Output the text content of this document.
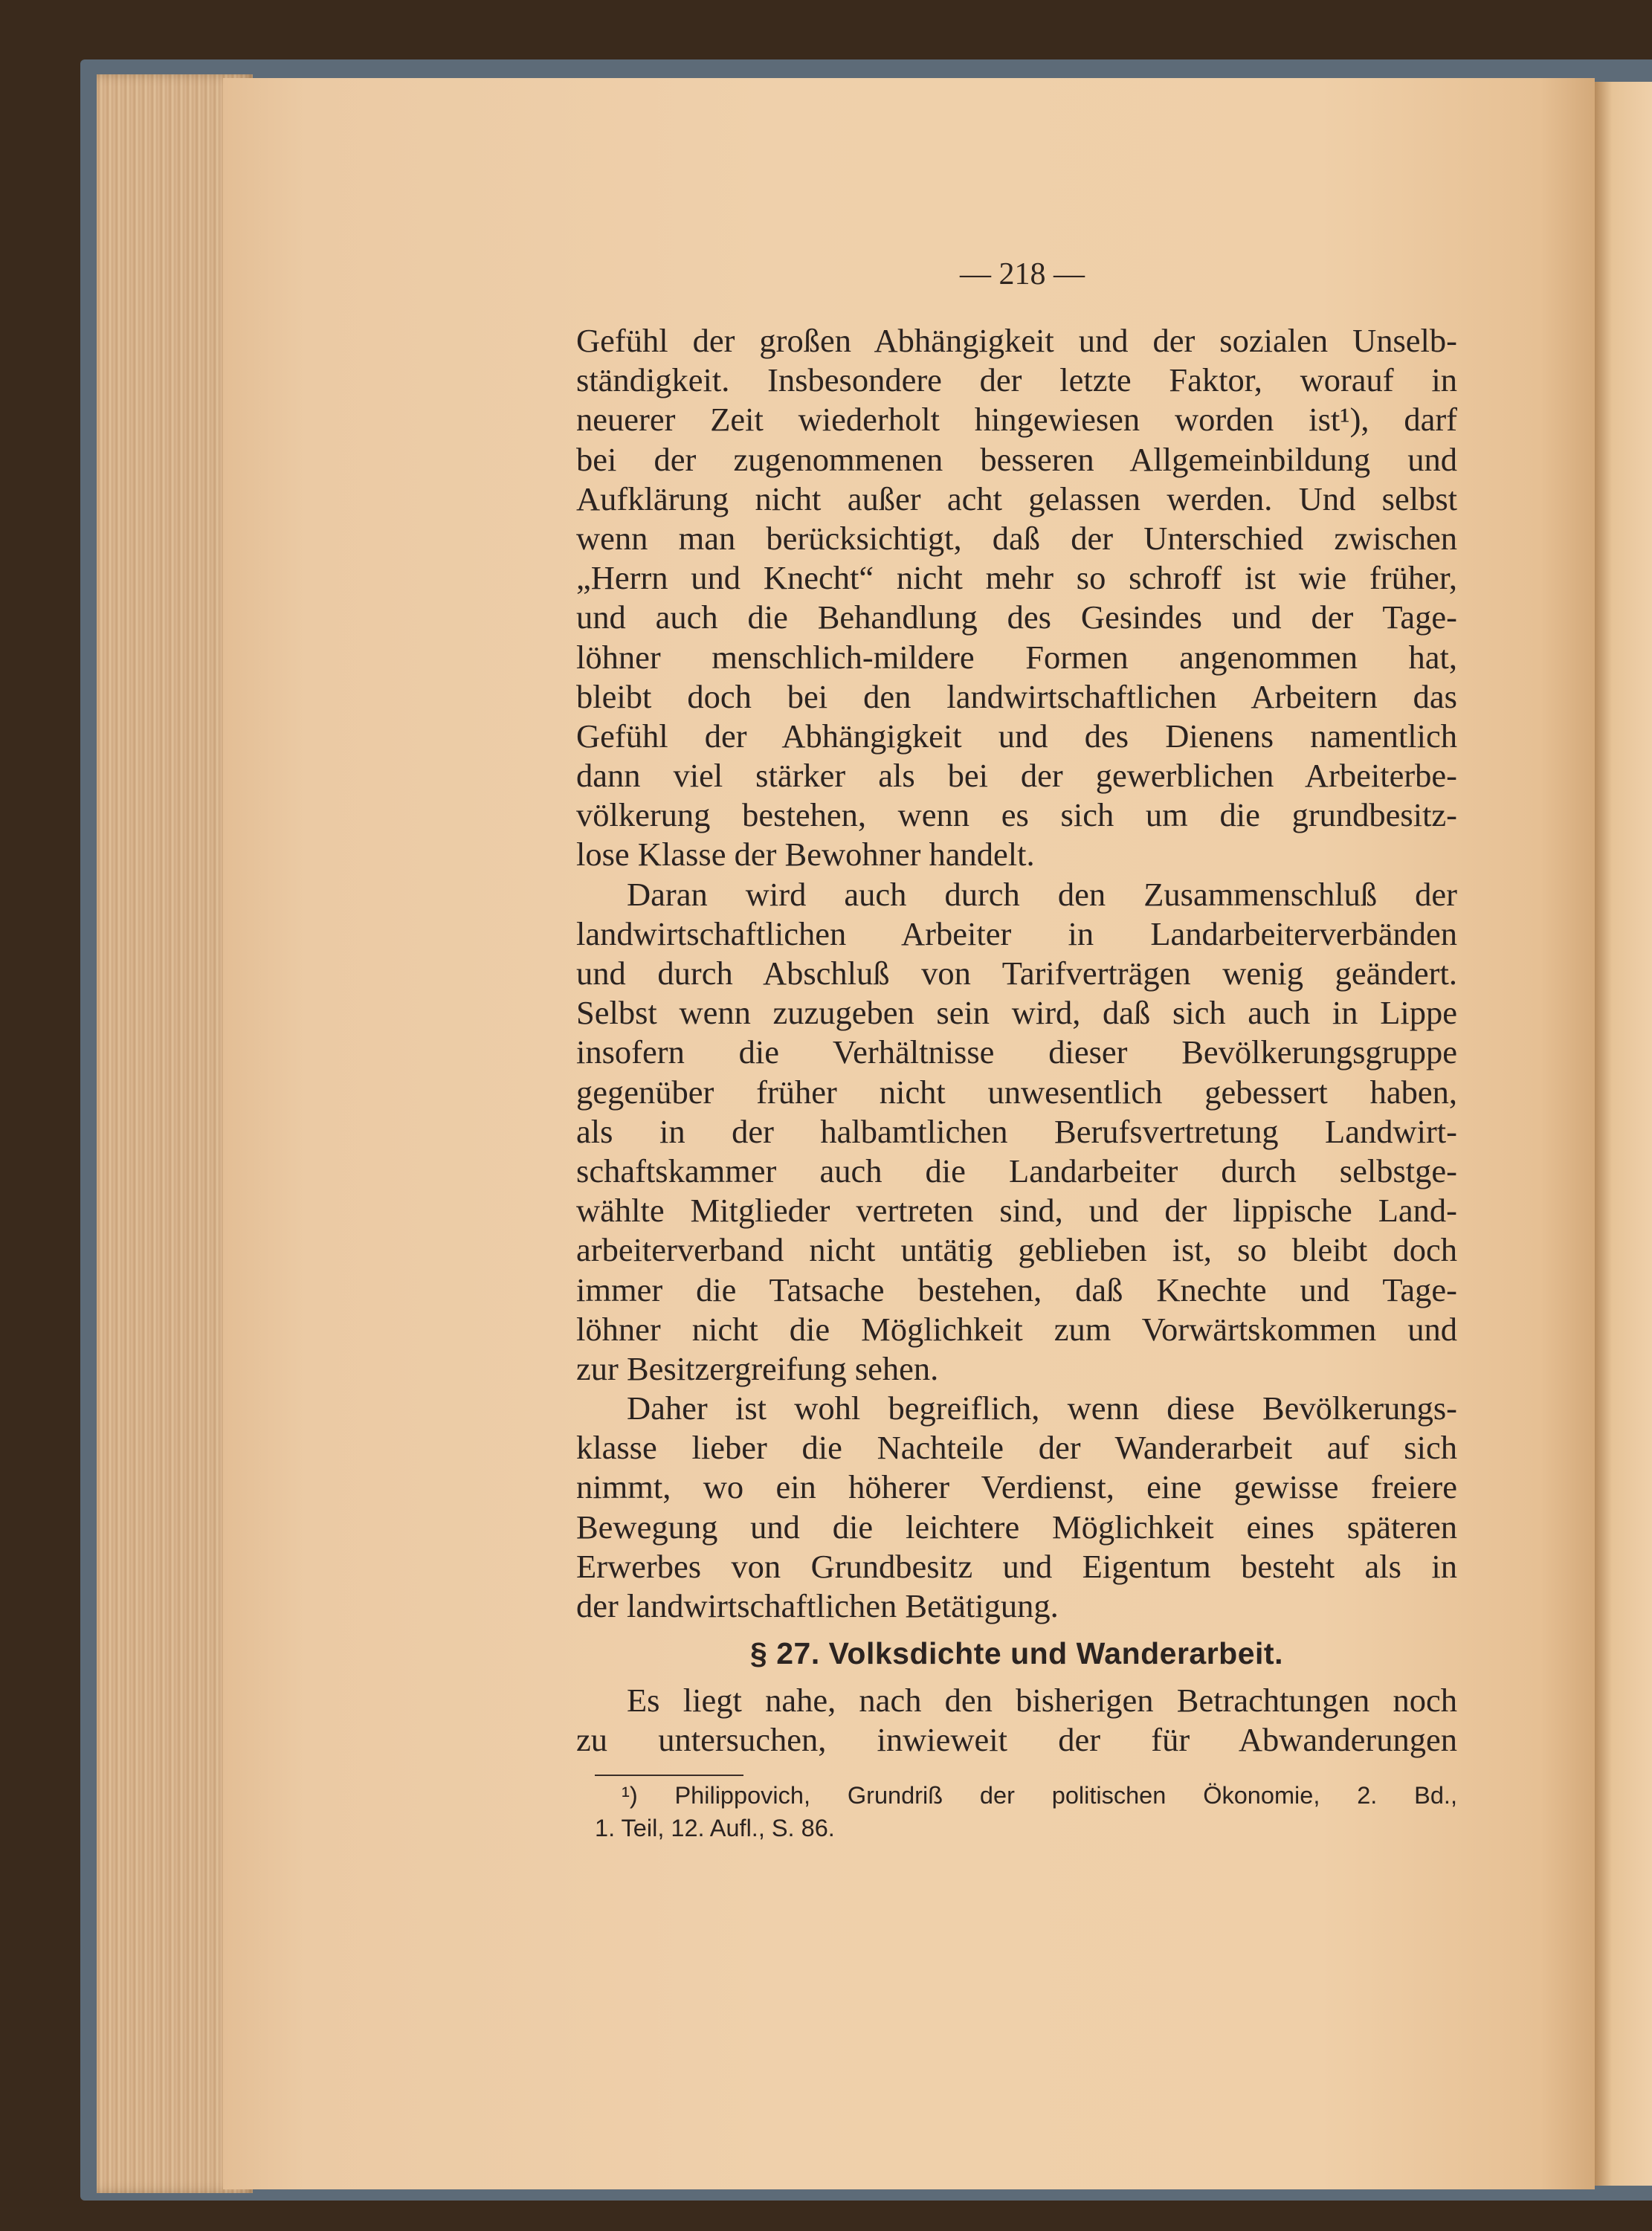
— 218 —
Gefühl der großen Abhängigkeit und der sozialen Unselb-
ständigkeit. Insbesondere der letzte Faktor, worauf in
neuerer Zeit wiederholt hingewiesen worden ist¹), darf
bei der zugenommenen besseren Allgemeinbildung und
Aufklärung nicht außer acht gelassen werden. Und selbst
wenn man berücksichtigt, daß der Unterschied zwischen
„Herrn und Knecht“ nicht mehr so schroff ist wie früher,
und auch die Behandlung des Gesindes und der Tage-
löhner menschlich-mildere Formen angenommen hat,
bleibt doch bei den landwirtschaftlichen Arbeitern das
Gefühl der Abhängigkeit und des Dienens namentlich
dann viel stärker als bei der gewerblichen Arbeiterbe-
völkerung bestehen, wenn es sich um die grundbesitz-
lose Klasse der Bewohner handelt.
Daran wird auch durch den Zusammenschluß der
landwirtschaftlichen Arbeiter in Landarbeiterverbänden
und durch Abschluß von Tarifverträgen wenig geändert.
Selbst wenn zuzugeben sein wird, daß sich auch in Lippe
insofern die Verhältnisse dieser Bevölkerungsgruppe
gegenüber früher nicht unwesentlich gebessert haben,
als in der halbamtlichen Berufsvertretung Landwirt-
schaftskammer auch die Landarbeiter durch selbstge-
wählte Mitglieder vertreten sind, und der lippische Land-
arbeiterverband nicht untätig geblieben ist, so bleibt doch
immer die Tatsache bestehen, daß Knechte und Tage-
löhner nicht die Möglichkeit zum Vorwärtskommen und
zur Besitzergreifung sehen.
Daher ist wohl begreiflich, wenn diese Bevölkerungs-
klasse lieber die Nachteile der Wanderarbeit auf sich
nimmt, wo ein höherer Verdienst, eine gewisse freiere
Bewegung und die leichtere Möglichkeit eines späteren
Erwerbes von Grundbesitz und Eigentum besteht als in
der landwirtschaftlichen Betätigung.
§ 27. Volksdichte und Wanderarbeit.
Es liegt nahe, nach den bisherigen Betrachtungen noch
zu untersuchen, inwieweit der für Abwanderungen
¹) Philippovich, Grundriß der politischen Ökonomie, 2. Bd.,
1. Teil, 12. Aufl., S. 86.
